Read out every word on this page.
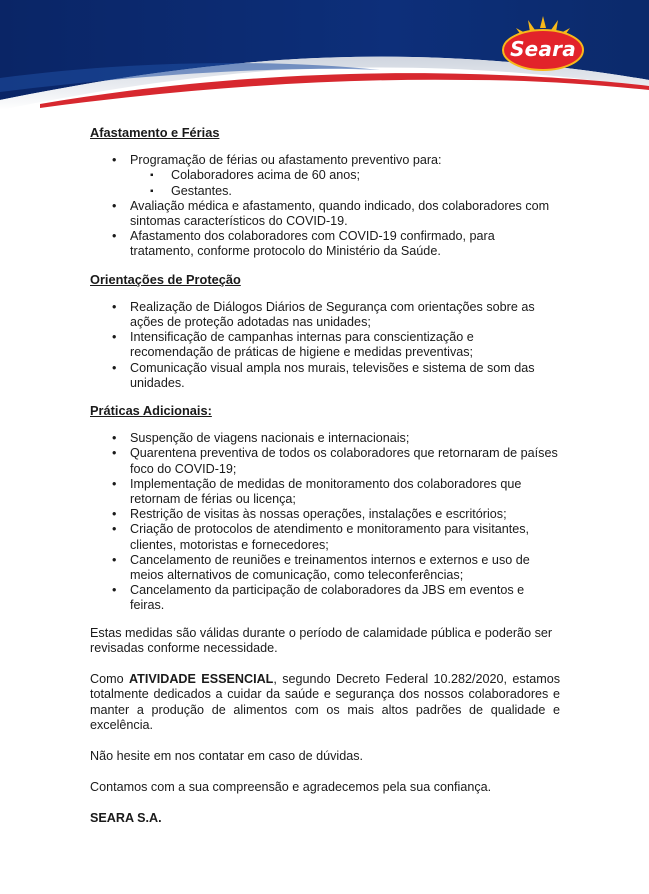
Seara
Afastamento e Férias
• Programação de férias ou afastamento preventivo para:
▪ Colaboradores acima de 60 anos;
▪ Gestantes.
• Avaliação médica e afastamento, quando indicado, dos colaboradores com sintomas característicos do COVID-19.
• Afastamento dos colaboradores com COVID-19 confirmado, para tratamento, conforme protocolo do Ministério da Saúde.
Orientações de Proteção
• Realização de Diálogos Diários de Segurança com orientações sobre as ações de proteção adotadas nas unidades;
• Intensificação de campanhas internas para conscientização e recomendação de práticas de higiene e medidas preventivas;
• Comunicação visual ampla nos murais, televisões e sistema de som das unidades.
Práticas Adicionais:
• Suspenção de viagens nacionais e internacionais;
• Quarentena preventiva de todos os colaboradores que retornaram de países foco do COVID-19;
• Implementação de medidas de monitoramento dos colaboradores que retornam de férias ou licença;
• Restrição de visitas às nossas operações, instalações e escritórios;
• Criação de protocolos de atendimento e monitoramento para visitantes, clientes, motoristas e fornecedores;
• Cancelamento de reuniões e treinamentos internos e externos e uso de meios alternativos de comunicação, como teleconferências;
• Cancelamento da participação de colaboradores da JBS em eventos e feiras.

Estas medidas são válidas durante o período de calamidade pública e poderão ser revisadas conforme necessidade.

Como ATIVIDADE ESSENCIAL, segundo Decreto Federal 10.282/2020, estamos totalmente dedicados a cuidar da saúde e segurança dos nossos colaboradores e manter a produção de alimentos com os mais altos padrões de qualidade e excelência.

Não hesite em nos contatar em caso de dúvidas.

Contamos com a sua compreensão e agradecemos pela sua confiança.

SEARA S.A.
